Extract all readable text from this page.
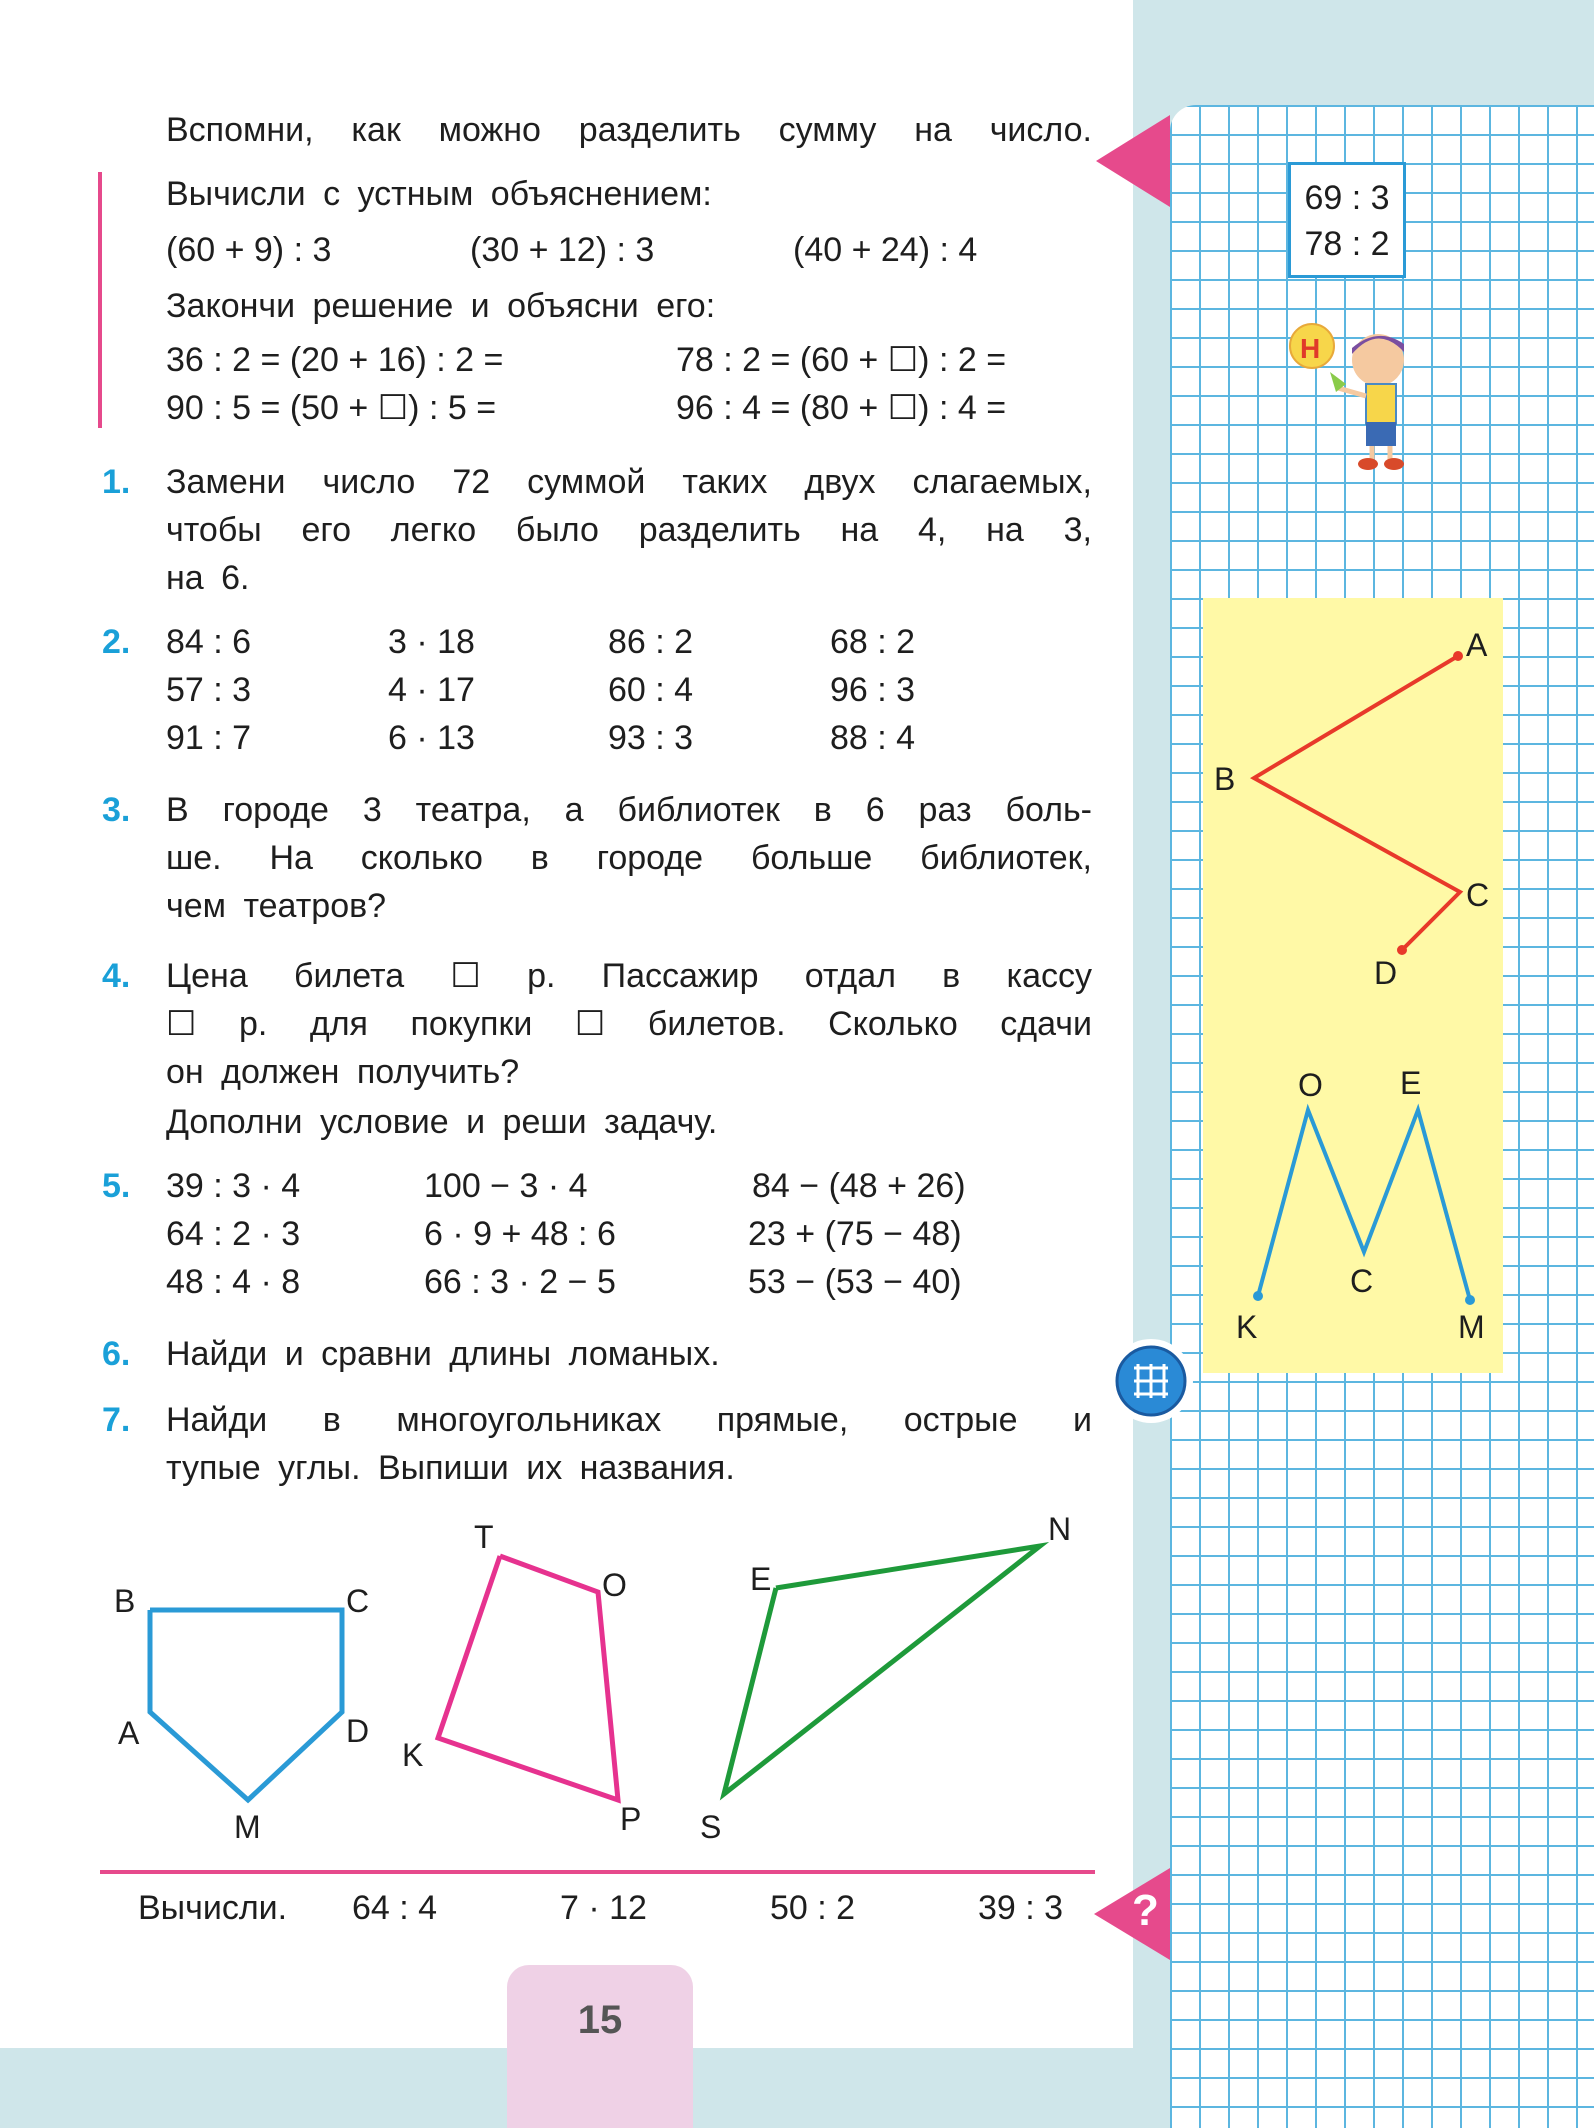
?
Вспомни, как можно разделить сумму на число.
Вычисли с устным объяснением:
(60 + 9) : 3	(30 + 12) : 3	(40 + 24) : 4
Закончи решение и объясни его:
36 : 2 = (20 + 16) : 2 =	78 : 2 = (60 + ☐) : 2 =
90 : 5 = (50 + ☐) : 5 =	96 : 4 = (80 + ☐) : 4 =
1. Замени число 72 суммой таких двух слагаемых,
чтобы его легко было разделить на 4, на 3,
на 6.
2. 84 : 6	3 · 18	86 : 2	68 : 2
57 : 3	4 · 17	60 : 4	96 : 3
91 : 7	6 · 13	93 : 3	88 : 4
3. В городе 3 театра, а библиотек в 6 раз боль-
ше. На сколько в городе больше библиотек,
чем театров?
4. Цена билета ☐ р. Пассажир отдал в кассу
☐ р. для покупки ☐ билетов. Сколько сдачи
он должен получить?
Дополни условие и реши задачу.
5. 39 : 3 · 4	100 − 3 · 4	84 − (48 + 26)
64 : 2 · 3	6 · 9 + 48 : 6	23 + (75 − 48)
48 : 4 · 8	66 : 3 · 2 − 5	53 − (53 − 40)
6. Найди и сравни длины ломаных.
7. Найди в многоугольниках прямые, острые и
тупые углы. Выпиши их названия.
B	C
A	D
M
T
O
K
P
E
N
S
69 : 3
78 : 2
Н
A
B
C
D
O E
K
C
M
Вычисли. 64 : 4	7 · 12	50 : 2	39 : 3
15
